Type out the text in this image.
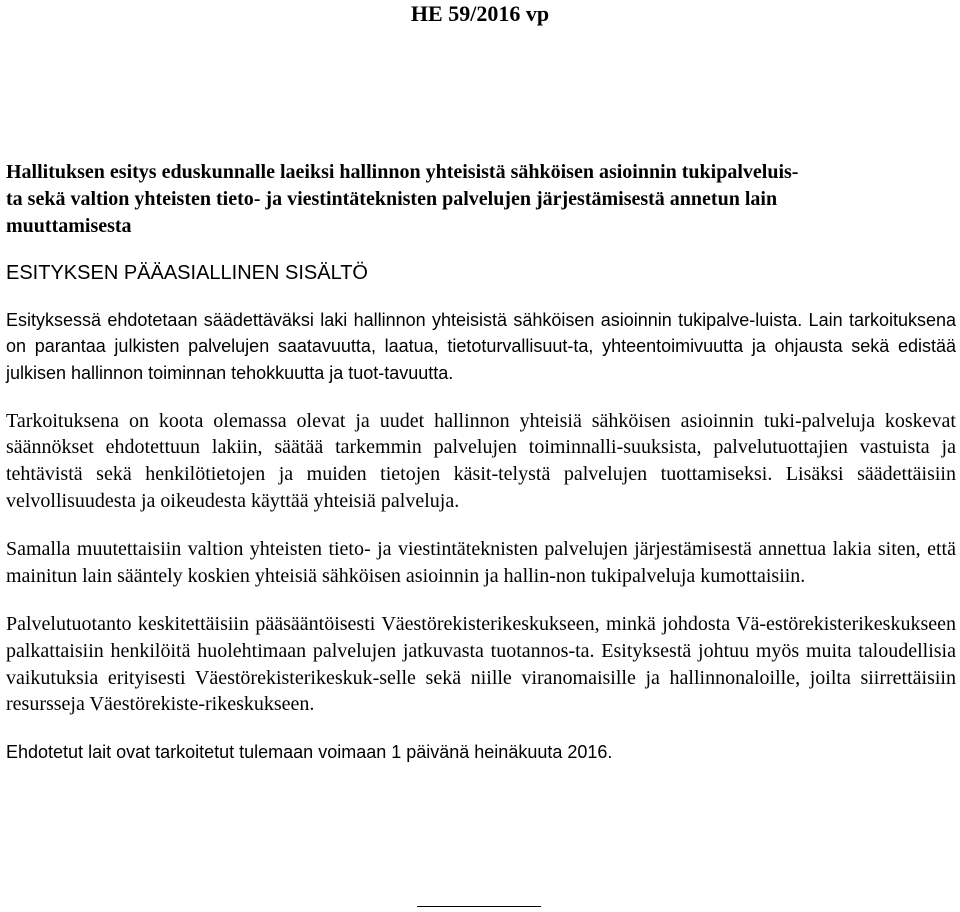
HE 59/2016 vp

Hallituksen esitys eduskunnalle laeiksi hallinnon yhteisistä sähköisen asioinnin tukipalveluis-
ta sekä valtion yhteisten tieto- ja viestintäteknisten palvelujen järjestämisestä annetun lain
muuttamisesta

ESITYKSEN PÄÄASIALLINEN SISÄLTÖ

Esityksessä ehdotetaan säädettäväksi laki hallinnon yhteisistä sähköisen asioinnin tukipalve-luista. Lain tarkoituksena on parantaa julkisten palvelujen saatavuutta, laatua, tietoturvallisuut-ta, yhteentoimivuutta ja ohjausta sekä edistää julkisen hallinnon toiminnan tehokkuutta ja tuot-tavuutta.

Tarkoituksena on koota olemassa olevat ja uudet hallinnon yhteisiä sähköisen asioinnin tuki-palveluja koskevat säännökset ehdotettuun lakiin, säätää tarkemmin palvelujen toiminnalli-suuksista, palvelutuottajien vastuista ja tehtävistä sekä henkilötietojen ja muiden tietojen käsit-telystä palvelujen tuottamiseksi. Lisäksi säädettäisiin velvollisuudesta ja oikeudesta käyttää yhteisiä palveluja.

Samalla muutettaisiin valtion yhteisten tieto- ja viestintäteknisten palvelujen järjestämisestä annettua lakia siten, että mainitun lain sääntely koskien yhteisiä sähköisen asioinnin ja hallin-non tukipalveluja kumottaisiin.

Palvelutuotanto keskitettäisiin pääsääntöisesti Väestörekisterikeskukseen, minkä johdosta Vä-estörekisterikeskukseen palkattaisiin henkilöitä huolehtimaan palvelujen jatkuvasta tuotannos-ta. Esityksestä johtuu myös muita taloudellisia vaikutuksia erityisesti Väestörekisterikeskuk-selle sekä niille viranomaisille ja hallinnonaloille, joilta siirrettäisiin resursseja Väestörekiste-rikeskukseen.

Ehdotetut lait ovat tarkoitetut tulemaan voimaan 1 päivänä heinäkuuta 2016.
